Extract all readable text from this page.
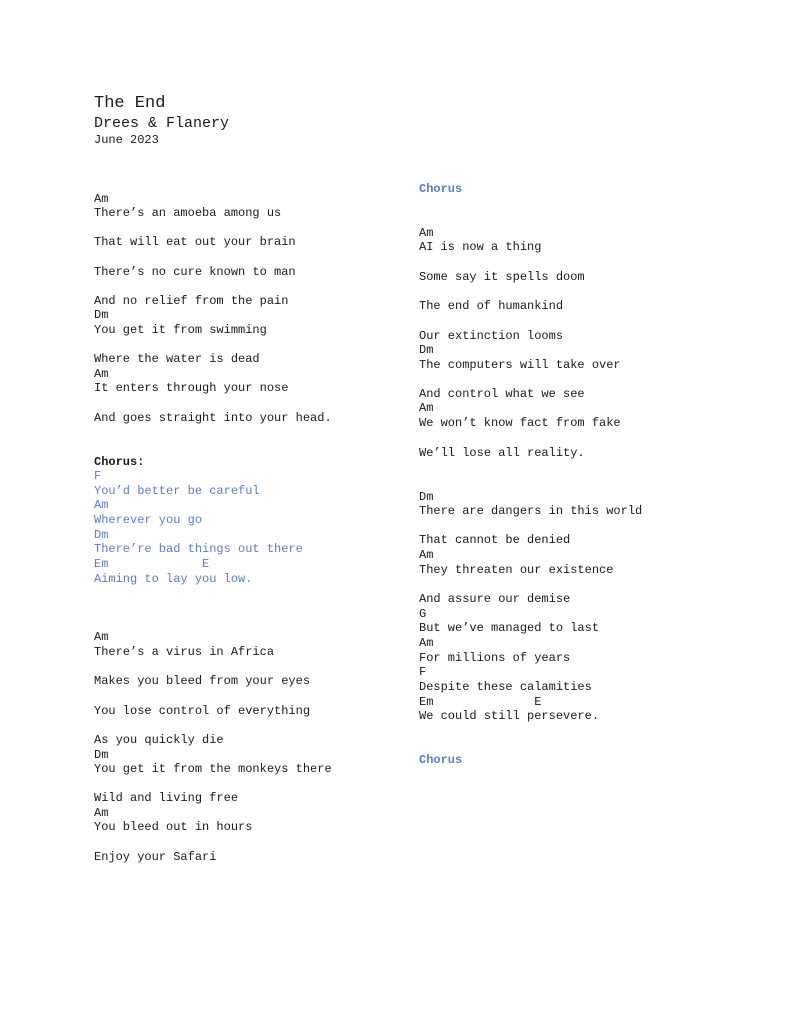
The End
Drees & Flanery
June 2023
Am
There’s an amoeba among us
That will eat out your brain
There’s no cure known to man
And no relief from the pain
Dm
You get it from swimming
Where the water is dead
Am
It enters through your nose
And goes straight into your head.
Chorus:
F
You’d better be careful
Am
Wherever you go
Dm
There’re bad things out there
Em             E
Aiming to lay you low.
Am
There’s a virus in Africa
Makes you bleed from your eyes
You lose control of everything
As you quickly die
Dm
You get it from the monkeys there
Wild and living free
Am
You bleed out in hours
Enjoy your Safari
Chorus
Am
AI is now a thing
Some say it spells doom
The end of humankind
Our extinction looms
Dm
The computers will take over
And control what we see
Am
We won’t know fact from fake
We’ll lose all reality.
Dm
There are dangers in this world
That cannot be denied
Am
They threaten our existence
And assure our demise
G
But we’ve managed to last
Am
For millions of years
F
Despite these calamities
Em              E
We could still persevere.
Chorus
